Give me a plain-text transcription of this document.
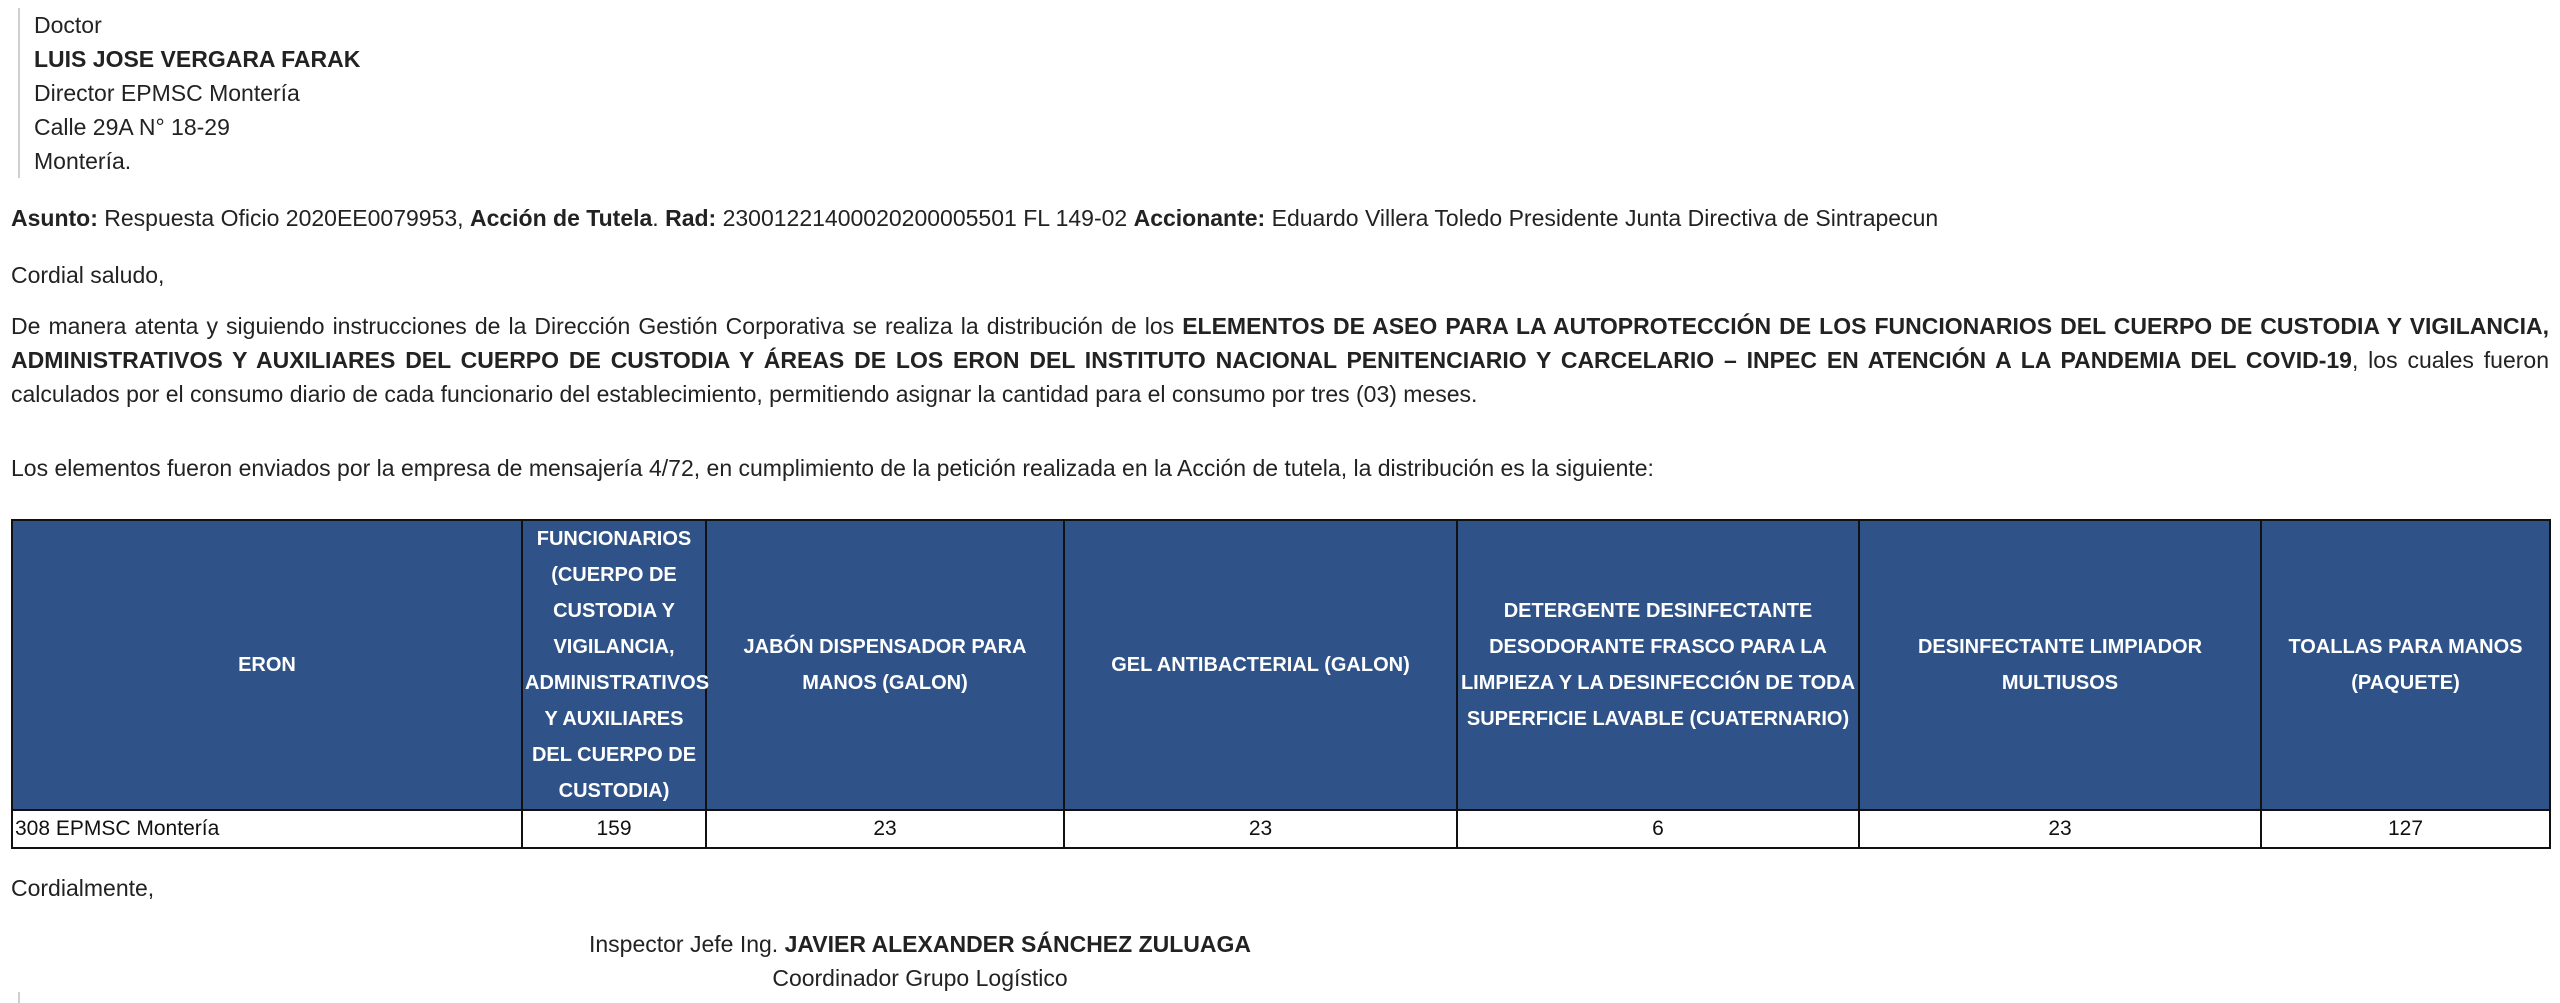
Doctor
LUIS JOSE VERGARA FARAK
Director EPMSC Montería
Calle 29A N° 18-29
Montería.
Asunto: Respuesta Oficio 2020EE0079953, Acción de Tutela. Rad: 23001221400020200005501 FL 149-02 Accionante: Eduardo Villera Toledo Presidente Junta Directiva de Sintrapecun
Cordial saludo,
De manera atenta y siguiendo instrucciones de la Dirección Gestión Corporativa se realiza la distribución de los ELEMENTOS DE ASEO PARA LA AUTOPROTECCIÓN DE LOS FUNCIONARIOS DEL CUERPO DE CUSTODIA Y VIGILANCIA, ADMINISTRATIVOS Y AUXILIARES DEL CUERPO DE CUSTODIA Y ÁREAS DE LOS ERON DEL INSTITUTO NACIONAL PENITENCIARIO Y CARCELARIO – INPEC EN ATENCIÓN A LA PANDEMIA DEL COVID-19, los cuales fueron calculados por el consumo diario de cada funcionario del establecimiento, permitiendo asignar la cantidad para el consumo por tres (03) meses.
Los elementos fueron enviados por la empresa de mensajería 4/72, en cumplimiento de la petición realizada en la Acción de tutela, la distribución es la siguiente:
ERON	FUNCIONARIOS (CUERPO DE CUSTODIA Y VIGILANCIA, ADMINISTRATIVOS Y AUXILIARES DEL CUERPO DE CUSTODIA)	JABÓN DISPENSADOR PARA MANOS (GALON)	GEL ANTIBACTERIAL (GALON)	DETERGENTE DESINFECTANTE DESODORANTE FRASCO PARA LA LIMPIEZA Y LA DESINFECCIÓN DE TODA SUPERFICIE LAVABLE (CUATERNARIO)	DESINFECTANTE LIMPIADOR MULTIUSOS	TOALLAS PARA MANOS (PAQUETE)
308 EPMSC Montería	159	23	23	6	23	127
Cordialmente,
Inspector Jefe Ing. JAVIER ALEXANDER SÁNCHEZ ZULUAGA
Coordinador Grupo Logístico
